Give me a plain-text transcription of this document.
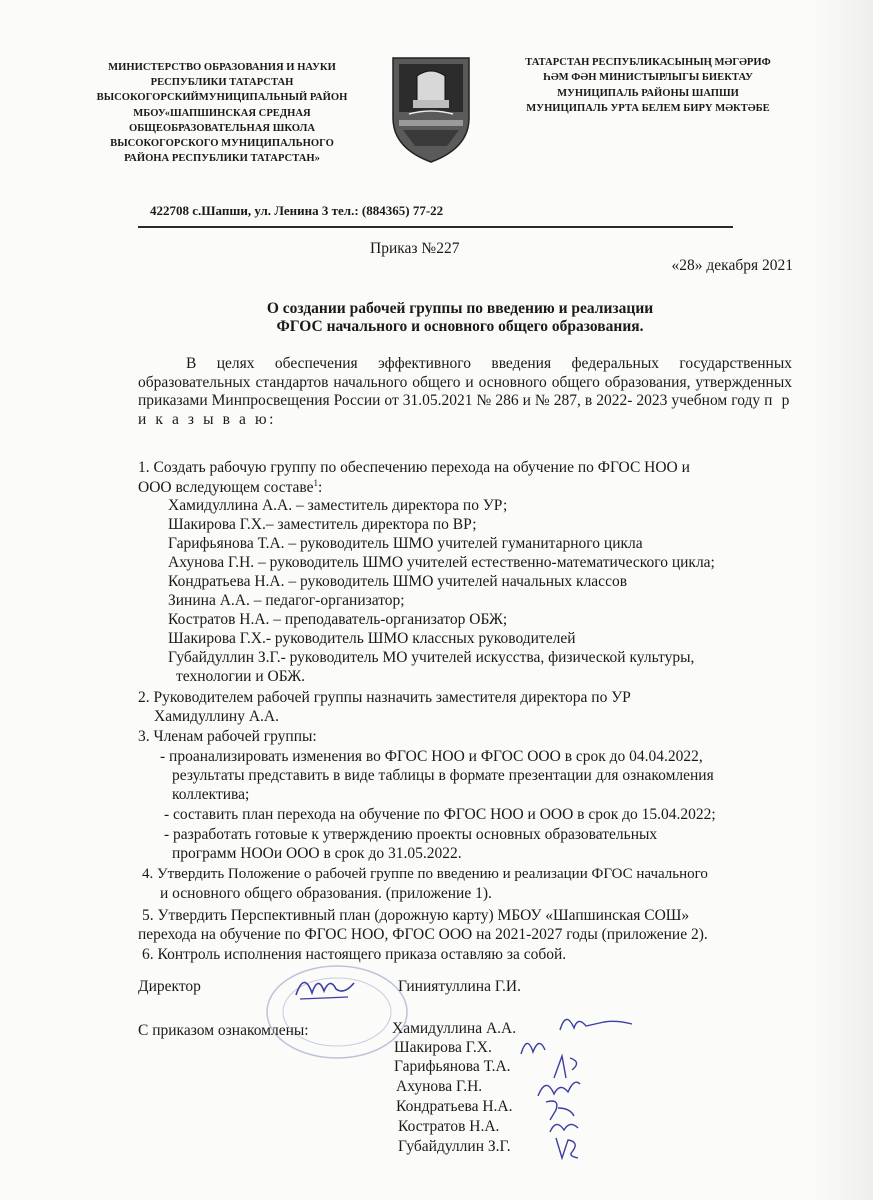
МИНИСТЕРСТВО ОБРАЗОВАНИЯ И НАУКИ
РЕСПУБЛИКИ ТАТАРСТАН
ВЫСОКОГОРСКИЙМУНИЦИПАЛЬНЫЙ РАЙОН
МБОУ«ШАПШИНСКАЯ СРЕДНАЯ
ОБЩЕОБРАЗОВАТЕЛЬНАЯ ШКОЛА
ВЫСОКОГОРСКОГО МУНИЦИПАЛЬНОГО
РАЙОНА РЕСПУБЛИКИ ТАТАРСТАН»
ТАТАРСТАН РЕСПУБЛИКАСЫНЫҢ МӘГӘРИФ
ҺӘМ ФӘН МИНИСТЫРЛЫГЫ БИЕКТАУ
МУНИЦИПАЛЬ РАЙОНЫ ШАПШИ
МУНИЦИПАЛЬ УРТА БЕЛЕМ БИРҮ МӘКТӘБЕ
422708 с.Шапши, ул. Ленина 3 тел.: (884365) 77-22
Приказ №227
«28» декабря 2021
О создании рабочей группы по введению и реализации
ФГОС начального и основного общего образования.
В целях обеспечения эффективного введения федеральных государственных образовательных стандартов начального общего и основного общего образования, утвержденных приказами Минпросвещения России от 31.05.2021 № 286 и № 287, в 2022- 2023 учебном году п р и к а з ы в а ю:
1. Создать рабочую группу по обеспечению перехода на обучение по ФГОС НОО и
ООО вследующем составе$^1$:
Хамидуллина А.А. – заместитель директора по УР;
Шакирова Г.Х.– заместитель директора по ВР;
Гарифьянова Т.А. – руководитель ШМО учителей гуманитарного цикла
Ахунова Г.Н. – руководитель ШМО учителей естественно-математического цикла;
Кондратьева Н.А. – руководитель ШМО учителей начальных классов
Зинина А.А. – педагог-организатор;
Костратов Н.А. – преподаватель-организатор ОБЖ;
Шакирова Г.Х.- руководитель ШМО классных руководителей
Губайдуллин З.Г.- руководитель МО учителей искусства, физической культуры,
технологии и ОБЖ.
2. Руководителем рабочей группы назначить заместителя директора по УР
Хамидуллину А.А.
3. Членам рабочей группы:
- проанализировать изменения во ФГОС НОО и ФГОС ООО в срок до 04.04.2022,
результаты представить в виде таблицы в формате презентации для ознакомления
коллектива;
- составить план перехода на обучение по ФГОС НОО и ООО в срок до 15.04.2022;
- разработать готовые к утверждению проекты основных образовательных
программ НООи ООО в срок до 31.05.2022.
4. Утвердить Положение о рабочей группе по введению и реализации ФГОС начального
и основного общего образования. (приложение 1).
5. Утвердить Перспективный план (дорожную карту) МБОУ «Шапшинская СОШ»
перехода на обучение по ФГОС НОО, ФГОС ООО на 2021-2027 годы (приложение 2).
6. Контроль исполнения настоящего приказа оставляю за собой.
Директор	Гиниятуллина Г.И.
С приказом ознакомлены:	Хамидуллина А.А.
Шакирова Г.Х.
Гарифьянова Т.А.
Ахунова Г.Н.
Кондратьева Н.А.
Костратов Н.А.
Губайдуллин З.Г.
